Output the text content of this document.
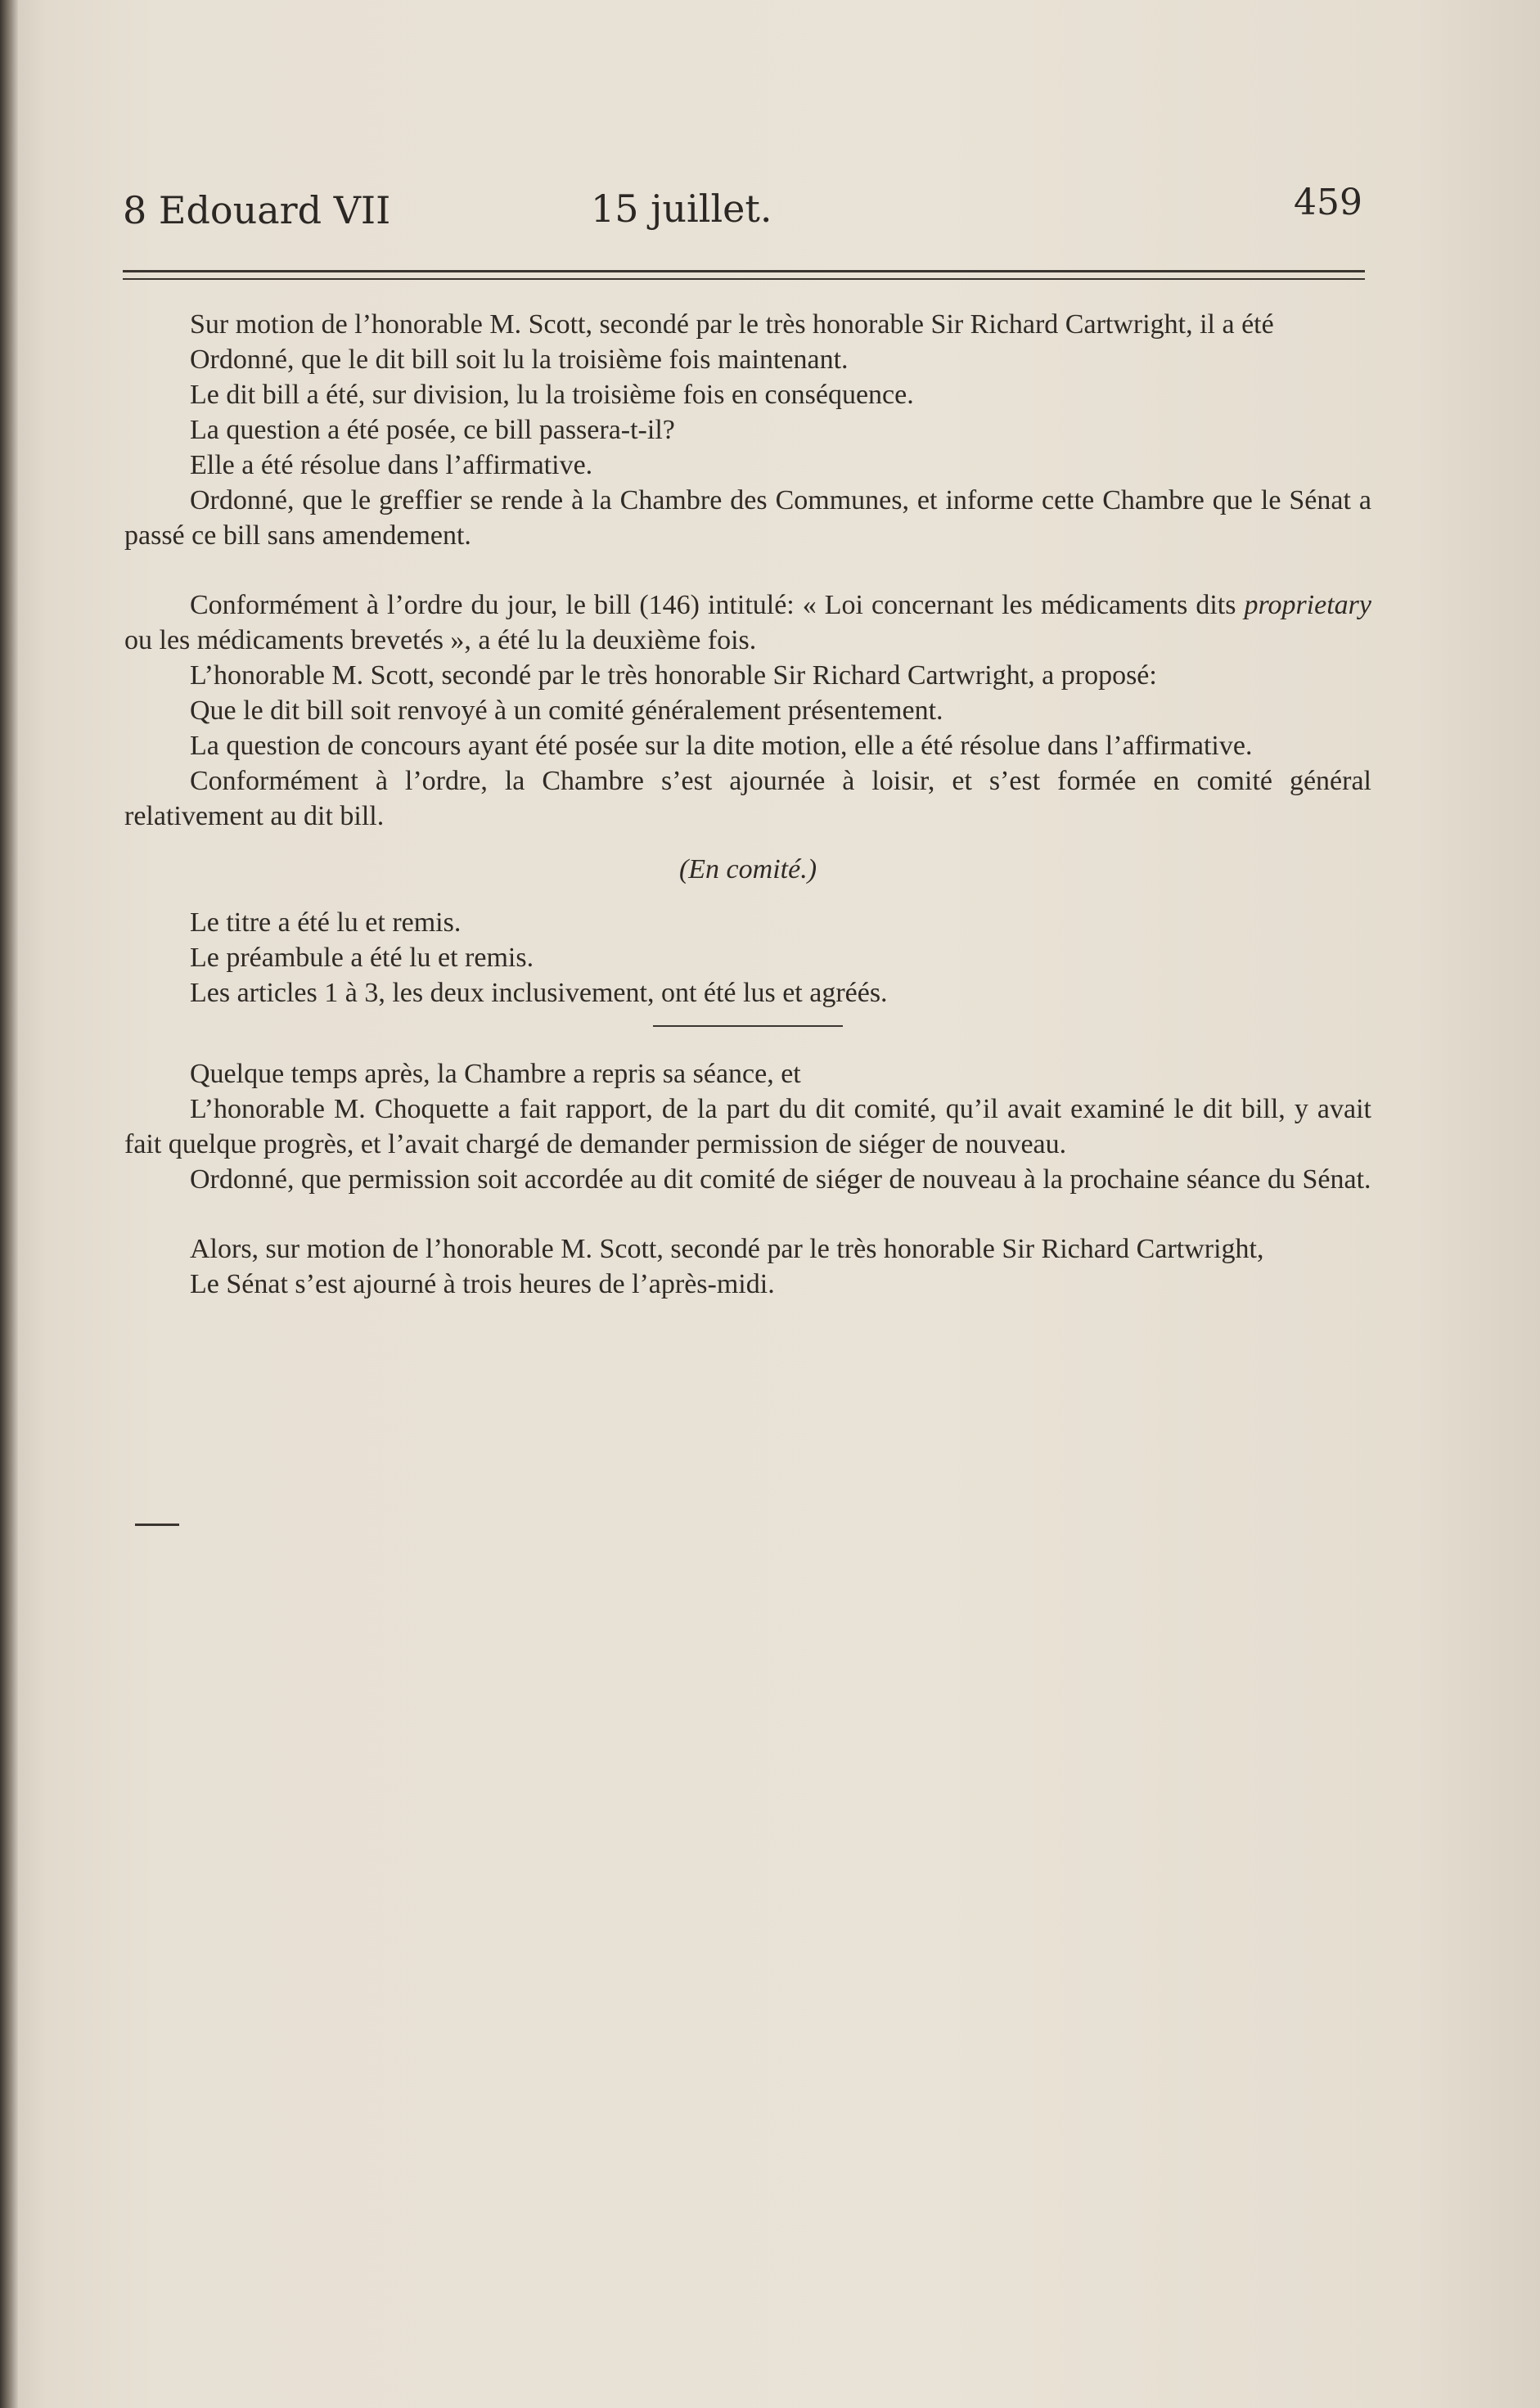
8 Edouard VII	15 juillet.	459

Sur motion de l’honorable M. Scott, secondé par le très honorable Sir Richard Cartwright, il a été

Ordonné, que le dit bill soit lu la troisième fois maintenant.

Le dit bill a été, sur division, lu la troisième fois en conséquence.

La question a été posée, ce bill passera-t-il?

Elle a été résolue dans l’affirmative.

Ordonné, que le greffier se rende à la Chambre des Communes, et informe cette Chambre que le Sénat a passé ce bill sans amendement.

Conformément à l’ordre du jour, le bill (146) intitulé: « Loi concernant les médicaments dits proprietary ou les médicaments brevetés », a été lu la deuxième fois.

L’honorable M. Scott, secondé par le très honorable Sir Richard Cartwright, a proposé:

Que le dit bill soit renvoyé à un comité généralement présentement.

La question de concours ayant été posée sur la dite motion, elle a été résolue dans l’affirmative.

Conformément à l’ordre, la Chambre s’est ajournée à loisir, et s’est formée en comité général relativement au dit bill.

(En comité.)

Le titre a été lu et remis.

Le préambule a été lu et remis.

Les articles 1 à 3, les deux inclusivement, ont été lus et agréés.

Quelque temps après, la Chambre a repris sa séance, et

L’honorable M. Choquette a fait rapport, de la part du dit comité, qu’il avait examiné le dit bill, y avait fait quelque progrès, et l’avait chargé de demander permission de siéger de nouveau.

Ordonné, que permission soit accordée au dit comité de siéger de nouveau à la prochaine séance du Sénat.

Alors, sur motion de l’honorable M. Scott, secondé par le très honorable Sir Richard Cartwright,

Le Sénat s’est ajourné à trois heures de l’après-midi.
